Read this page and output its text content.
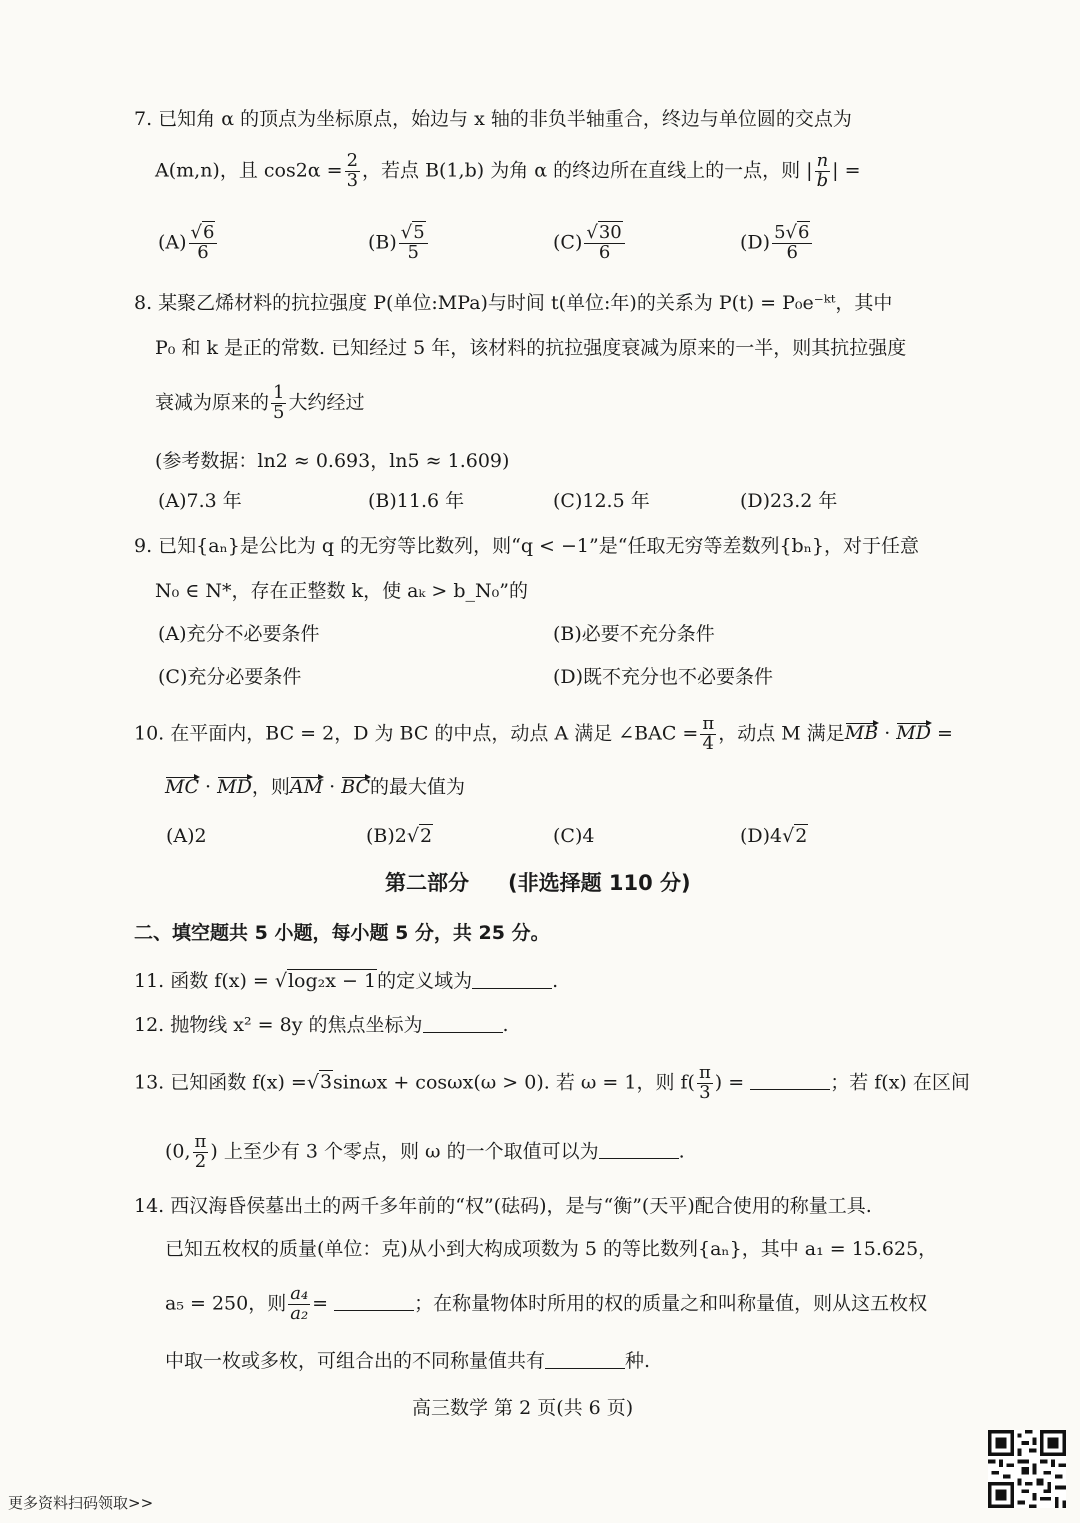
7. 已知角 α 的顶点为坐标原点，始边与 x 轴的非负半轴重合，终边与单位圆的交点为
A(m,n)，且 $\cos 2\alpha = \frac{2}{3}$ ，若点 B(1,b) 为角 α 的终边所在直线上的一点，则 | $\frac{n}{b}$ | =
$(A) \frac{√6}{6}$	$(B) \frac{√5}{5}$	$(C) \frac{√30}{6}$	$(D) \frac{5√6}{6}$
8. 某聚乙烯材料的抗拉强度 P(单位:MPa)与时间 t(单位:年)的关系为 P(t) = P₀e⁻ᵏᵗ，其中
P₀ 和 k 是正的常数. 已知经过 5 年，该材料的抗拉强度衰减为原来的一半，则其抗拉强度
衰减为原来的 $\frac{1}{5}$ 大约经过
(参考数据：ln2 ≈ 0.693，ln5 ≈ 1.609)
(A)7.3 年	(B)11.6 年	(C)12.5 年	(D)23.2 年
9. 已知{aₙ}是公比为 q 的无穷等比数列，则“q < −1”是“任取无穷等差数列{bₙ}，对于任意
N₀ ∈ N*，存在正整数 k，使 aₖ > b_N₀”的
(A)充分不必要条件	(B)必要不充分条件
(C)充分必要条件	(D)既不充分也不必要条件
10. 在平面内，BC = 2，D 为 BC 的中点，动点 A 满足 ∠BAC = $\frac{\pi}{4}$ ，动点 M 满足MB · MD =
MC · MD，则AM · BC的最大值为
(A)2	(B)2√2	(C)4	(D)4√2
第二部分 (非选择题 110 分)
二、填空题共 5 小题，每小题 5 分，共 25 分。
11. 函数 f(x) = √log₂x − 1的定义域为	.
12. 抛物线 x² = 8y 的焦点坐标为	.
13. 已知函数 f(x) =√3sinωx + cosωx(ω > 0). 若 ω = 1，则 $f( \frac{\pi}{3}$ ) =	；若 f(x) 在区间
(0, $\frac{\pi}{2}$ ) 上至少有 3 个零点，则 ω 的一个取值可以为	.
14. 西汉海昏侯墓出土的两千多年前的“权”(砝码)，是与“衡”(天平)配合使用的称量工具.
已知五枚权的质量(单位：克)从小到大构成项数为 5 的等比数列{aₙ}，其中 a₁ = 15.625，
a₅ = 250，则 $\frac{\text{a₄}}{\text{a₂}}$ =	；在称量物体时所用的权的质量之和叫称量值，则从这五枚权
中取一枚或多枚，可组合出的不同称量值共有	种.
高三数学 第 2 页(共 6 页)
更多资料扫码领取>>
